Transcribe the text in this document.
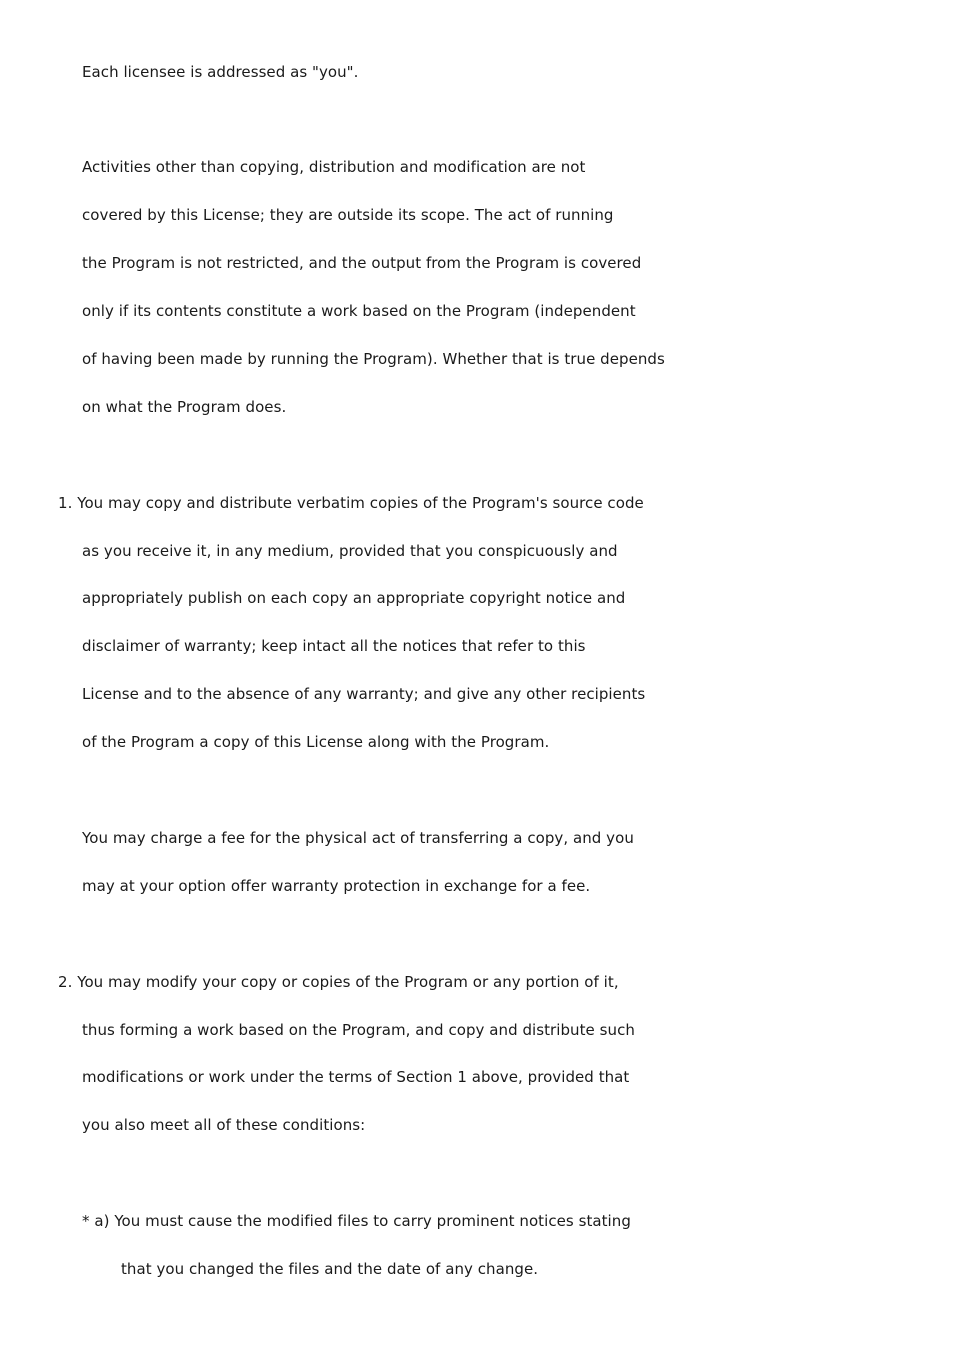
Each licensee is addressed as "you".
Activities other than copying, distribution and modification are not
covered by this License; they are outside its scope. The act of running
the Program is not restricted, and the output from the Program is covered
only if its contents constitute a work based on the Program (independent
of having been made by running the Program). Whether that is true depends
on what the Program does.
1. You may copy and distribute verbatim copies of the Program's source code
as you receive it, in any medium, provided that you conspicuously and
appropriately publish on each copy an appropriate copyright notice and
disclaimer of warranty; keep intact all the notices that refer to this
License and to the absence of any warranty; and give any other recipients
of the Program a copy of this License along with the Program.
You may charge a fee for the physical act of transferring a copy, and you
may at your option offer warranty protection in exchange for a fee.
2. You may modify your copy or copies of the Program or any portion of it,
thus forming a work based on the Program, and copy and distribute such
modifications or work under the terms of Section 1 above, provided that
you also meet all of these conditions:
* a) You must cause the modified files to carry prominent notices stating
that you changed the files and the date of any change.
